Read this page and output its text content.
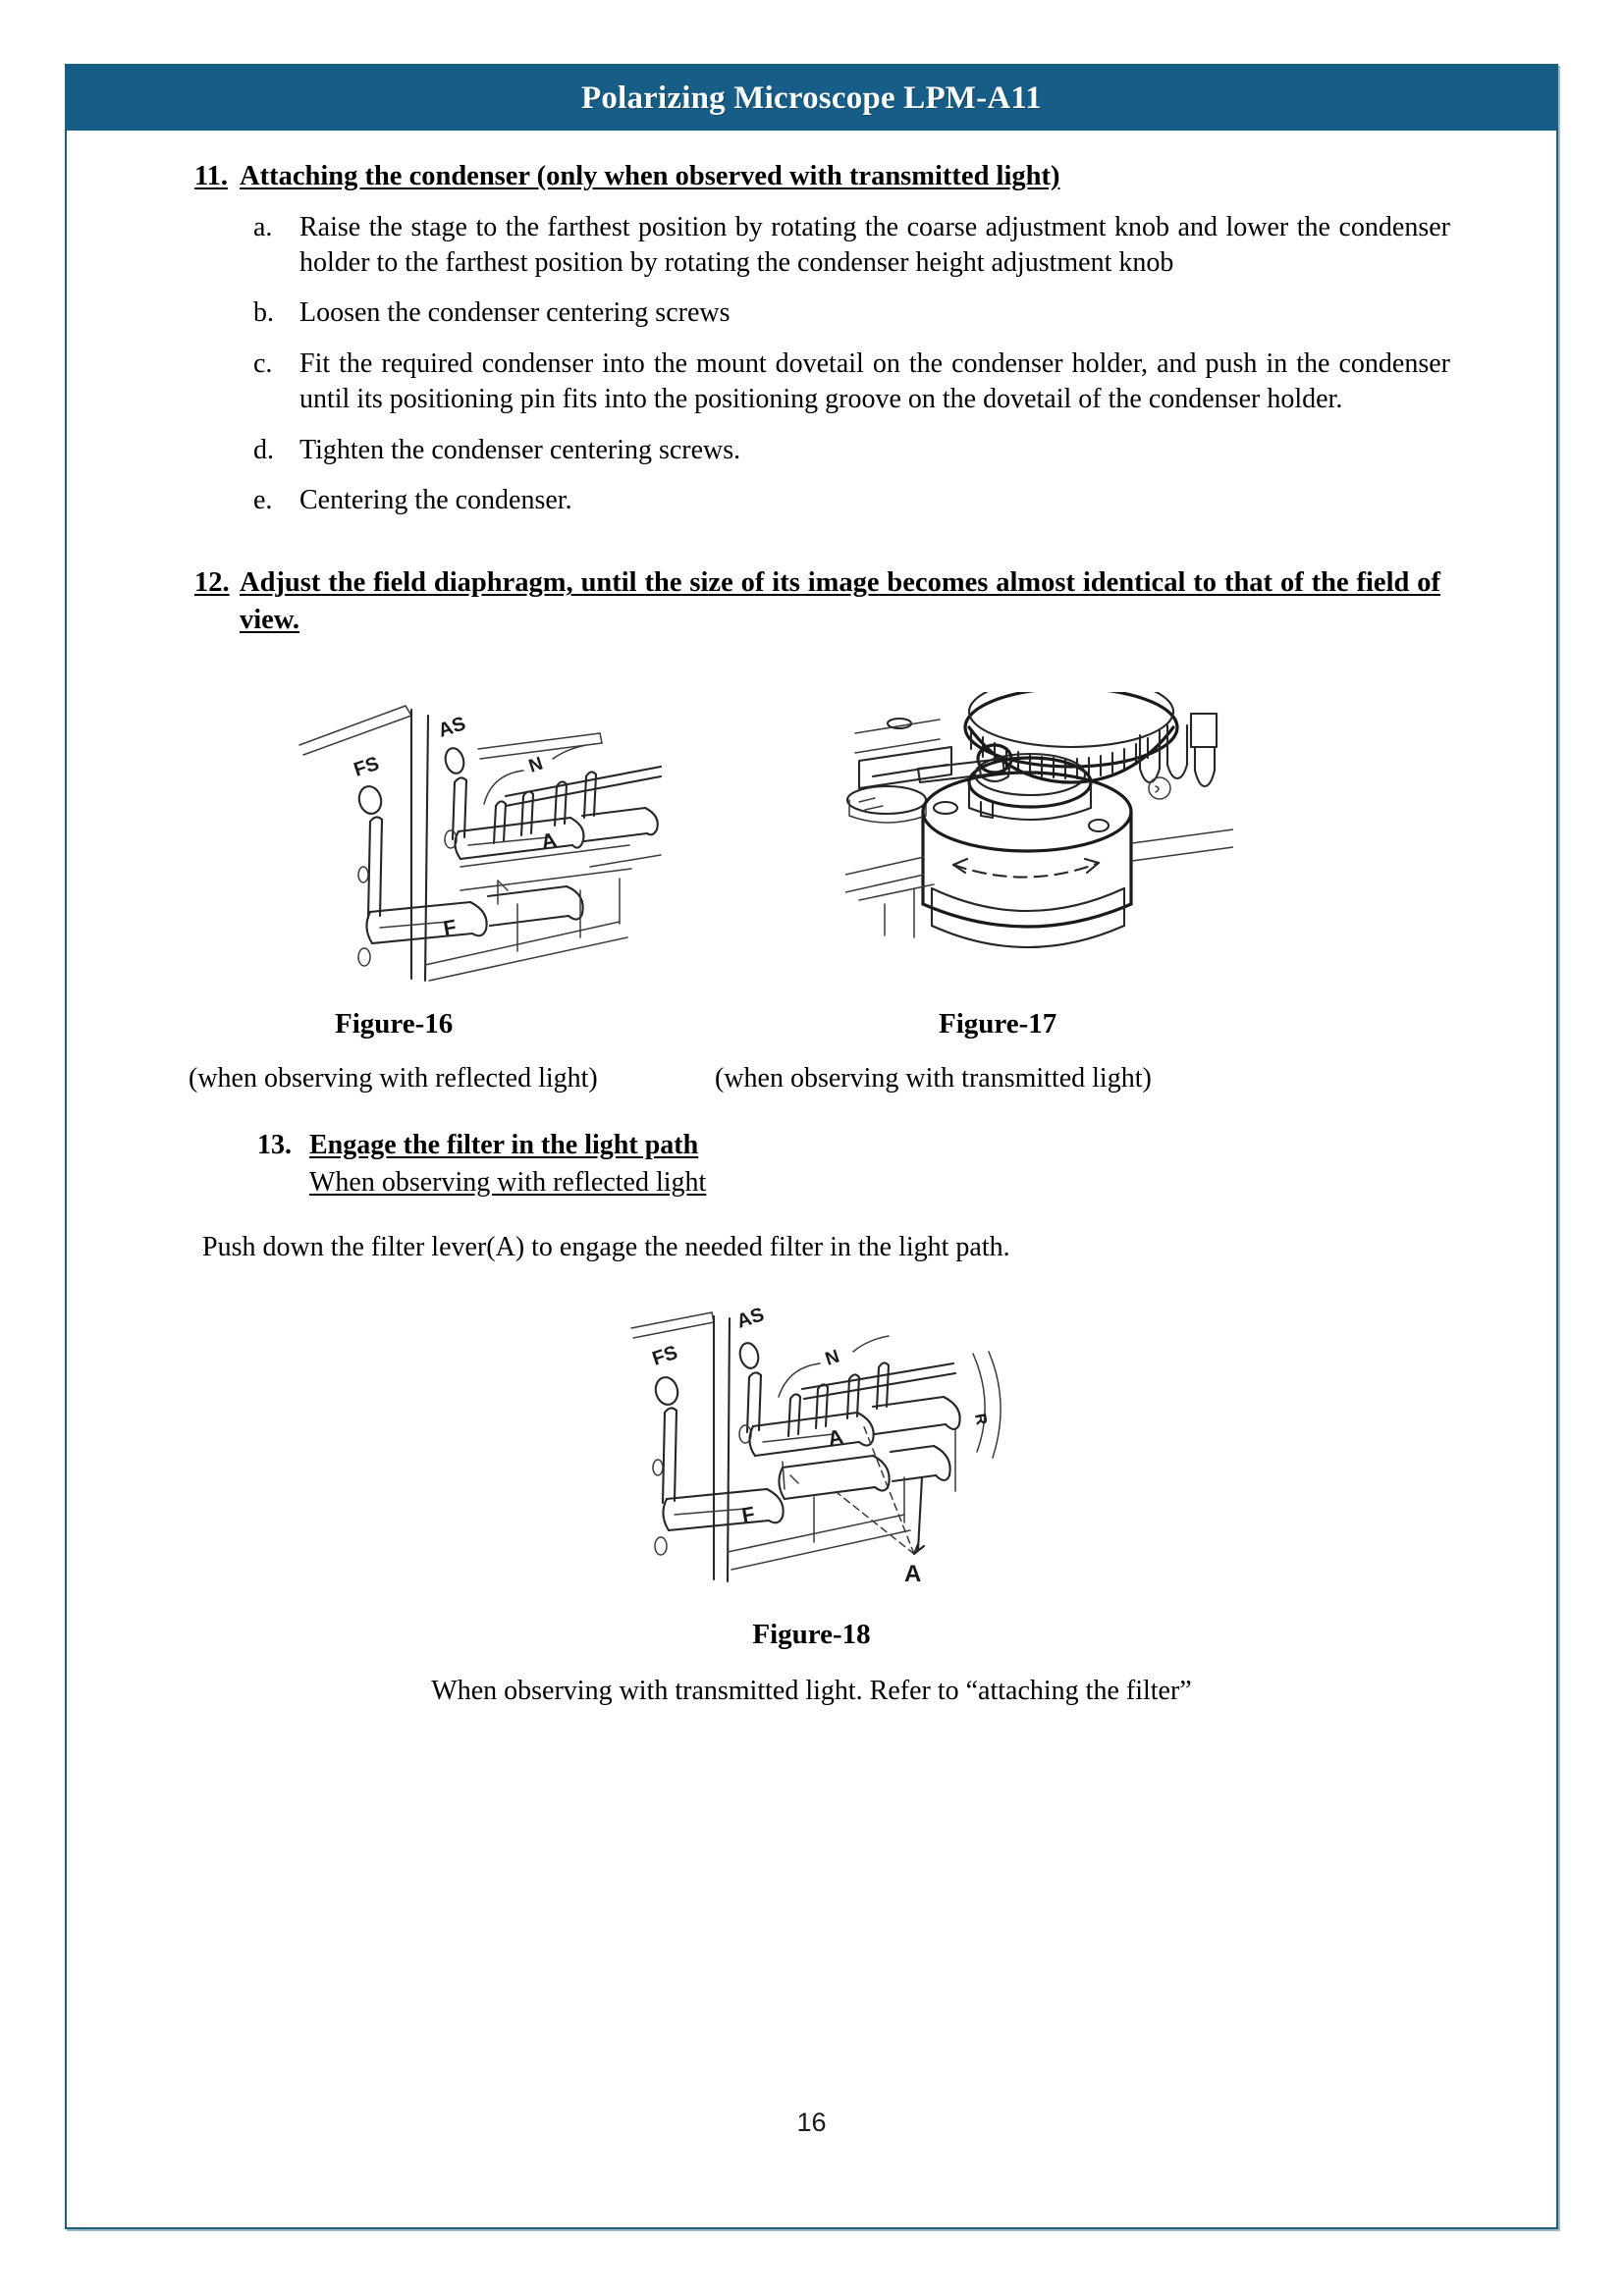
Polarizing Microscope LPM-A11
11. Attaching the condenser (only when observed with transmitted light)
a. Raise the stage to the farthest position by rotating the coarse adjustment knob and lower the condenser holder to the farthest position by rotating the condenser height adjustment knob
b. Loosen the condenser centering screws
c. Fit the required condenser into the mount dovetail on the condenser holder, and push in the condenser until its positioning pin fits into the positioning groove on the dovetail of the condenser holder.
d. Tighten the condenser centering screws.
e. Centering the condenser.
12. Adjust the field diaphragm, until the size of its image becomes almost identical to that of the field of view.
FS
AS
N
A
F
Figure-16	Figure-17
(when observing with reflected light)	(when observing with transmitted light)
13. Engage the filter in the light path
When observing with reflected light
Push down the filter lever(A) to engage the needed filter in the light path.
FS
AS
N
A
F
R
A
Figure-18
When observing with transmitted light. Refer to “attaching the filter”
16
